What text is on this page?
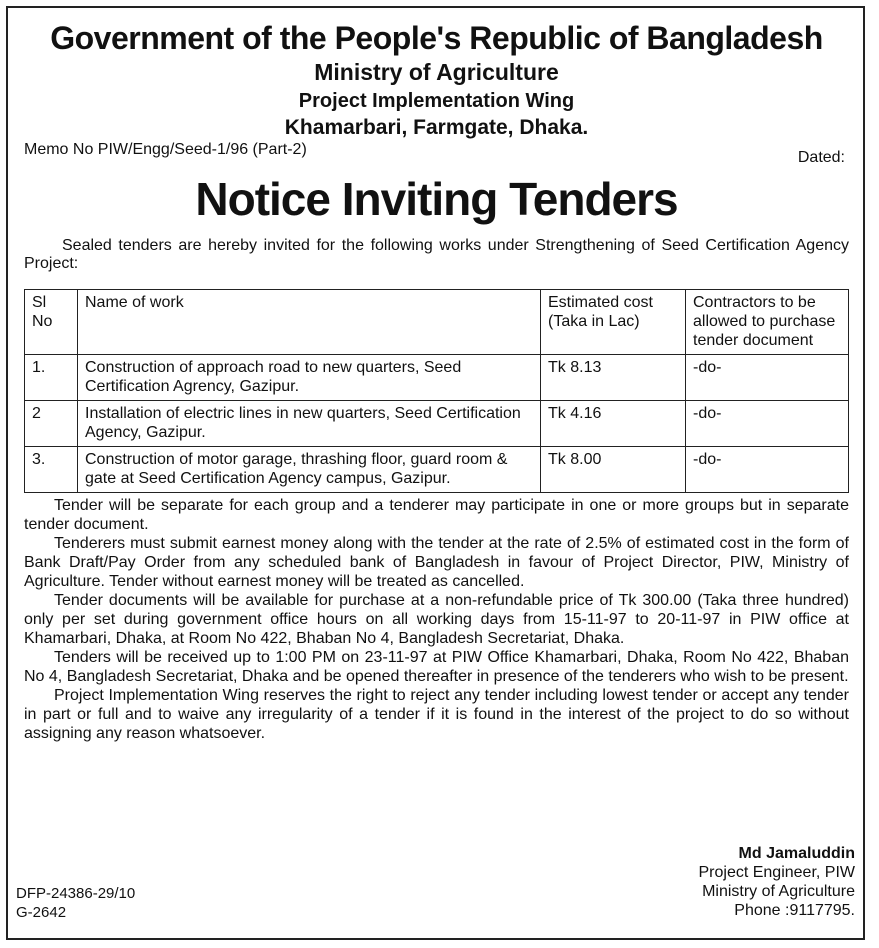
Government of the People's Republic of Bangladesh
Ministry of Agriculture
Project Implementation Wing
Khamarbari, Farmgate, Dhaka.
Memo No PIW/Engg/Seed-1/96 (Part-2)	Dated:
Notice Inviting Tenders

Sealed tenders are hereby invited for the following works under Strengthening of Seed Certification Agency Project:

Sl No	Name of work	Estimated cost (Taka in Lac)	Contractors to be allowed to purchase tender document
1.	Construction of approach road to new quarters, Seed Certification Agrency, Gazipur.	Tk 8.13	-do-
2	Installation of electric lines in new quarters, Seed Certification Agency, Gazipur.	Tk 4.16	-do-
3.	Construction of motor garage, thrashing floor, guard room & gate at Seed Certification Agency campus, Gazipur.	Tk 8.00	-do-

Tender will be separate for each group and a tenderer may participate in one or more groups but in separate tender document.

Tenderers must submit earnest money along with the tender at the rate of 2.5% of estimated cost in the form of Bank Draft/Pay Order from any scheduled bank of Bangladesh in favour of Project Director, PIW, Ministry of Agriculture. Tender without earnest money will be treated as cancelled.

Tender documents will be available for purchase at a non-refundable price of Tk 300.00 (Taka three hundred) only per set during government office hours on all working days from 15-11-97 to 20-11-97 in PIW office at Khamarbari, Dhaka, at Room No 422, Bhaban No 4, Bangladesh Secretariat, Dhaka.

Tenders will be received up to 1:00 PM on 23-11-97 at PIW Office Khamarbari, Dhaka, Room No 422, Bhaban No 4, Bangladesh Secretariat, Dhaka and be opened thereafter in presence of the tenderers who wish to be present.

Project Implementation Wing reserves the right to reject any tender including lowest tender or accept any tender in part or full and to waive any irregularity of a tender if it is found in the interest of the project to do so without assigning any reason whatsoever.

Md Jamaluddin
Project Engineer, PIW
Ministry of Agriculture
Phone :9117795.
DFP-24386-29/10
G-2642
